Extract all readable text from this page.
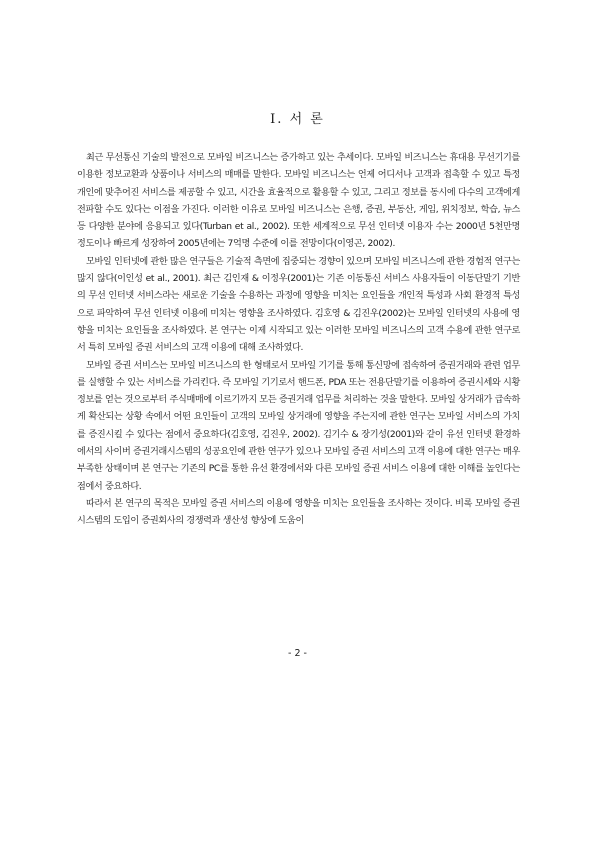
Ⅰ. 서 론

최근 무선통신 기술의 발전으로 모바일 비즈니스는 증가하고 있는 추세이다. 모바일 비즈니스는 휴대용 무선기기를 이용한 정보교환과 상품이나 서비스의 매매를 말한다. 모바일 비즈니스는 언제 어디서나 고객과 접촉할 수 있고 특정 개인에 맞추어진 서비스를 제공할 수 있고, 시간을 효율적으로 활용할 수 있고, 그리고 정보를 동시에 다수의 고객에게 전파할 수도 있다는 이점을 가진다. 이러한 이유로 모바일 비즈니스는 은행, 증권, 부동산, 게임, 위치정보, 학습, 뉴스 등 다양한 분야에 응용되고 있다(Turban et al., 2002). 또한 세계적으로 무선 인터넷 이용자 수는 2000년 5천만명 정도이나 빠르게 성장하여 2005년에는 7억명 수준에 이를 전망이다(이영곤, 2002).

모바일 인터넷에 관한 많은 연구들은 기술적 측면에 집중되는 경향이 있으며 모바일 비즈니스에 관한 경험적 연구는 많지 않다(이인성 et al., 2001). 최근 김인재 & 이정우(2001)는 기존 이동통신 서비스 사용자들이 이동단말기 기반의 무선 인터넷 서비스라는 새로운 기술을 수용하는 과정에 영향을 미치는 요인들을 개인적 특성과 사회 환경적 특성으로 파악하여 무선 인터넷 이용에 미치는 영향을 조사하였다. 김호영 & 김진우(2002)는 모바일 인터넷의 사용에 영향을 미치는 요인들을 조사하였다. 본 연구는 이제 시작되고 있는 이러한 모바일 비즈니스의 고객 수용에 관한 연구로서 특히 모바일 증권 서비스의 고객 이용에 대해 조사하였다.

모바일 증권 서비스는 모바일 비즈니스의 한 형태로서 모바일 기기를 통해 통신망에 접속하여 증권거래와 관련 업무를 실행할 수 있는 서비스를 가리킨다. 즉 모바일 기기로서 핸드폰, PDA 또는 전용단말기를 이용하여 증권시세와 시황정보를 얻는 것으로부터 주식매매에 이르기까지 모든 증권거래 업무를 처리하는 것을 말한다. 모바일 상거래가 급속하게 확산되는 상황 속에서 어떤 요인들이 고객의 모바일 상거래에 영향을 주는지에 관한 연구는 모바일 서비스의 가치를 증진시킬 수 있다는 점에서 중요하다(김호영, 김진우, 2002). 김기수 & 장기성(2001)와 같이 유선 인터넷 환경하에서의 사이버 증권거래시스템의 성공요인에 관한 연구가 있으나 모바일 증권 서비스의 고객 이용에 대한 연구는 매우 부족한 상태이며 본 연구는 기존의 PC를 통한 유선 환경에서와 다른 모바일 증권 서비스 이용에 대한 이해를 높인다는 점에서 중요하다.

따라서 본 연구의 목적은 모바일 증권 서비스의 이용에 영향을 미치는 요인들을 조사하는 것이다. 비록 모바일 증권 시스템의 도입이 증권회사의 경쟁력과 생산성 향상에 도움이

- 2 -
